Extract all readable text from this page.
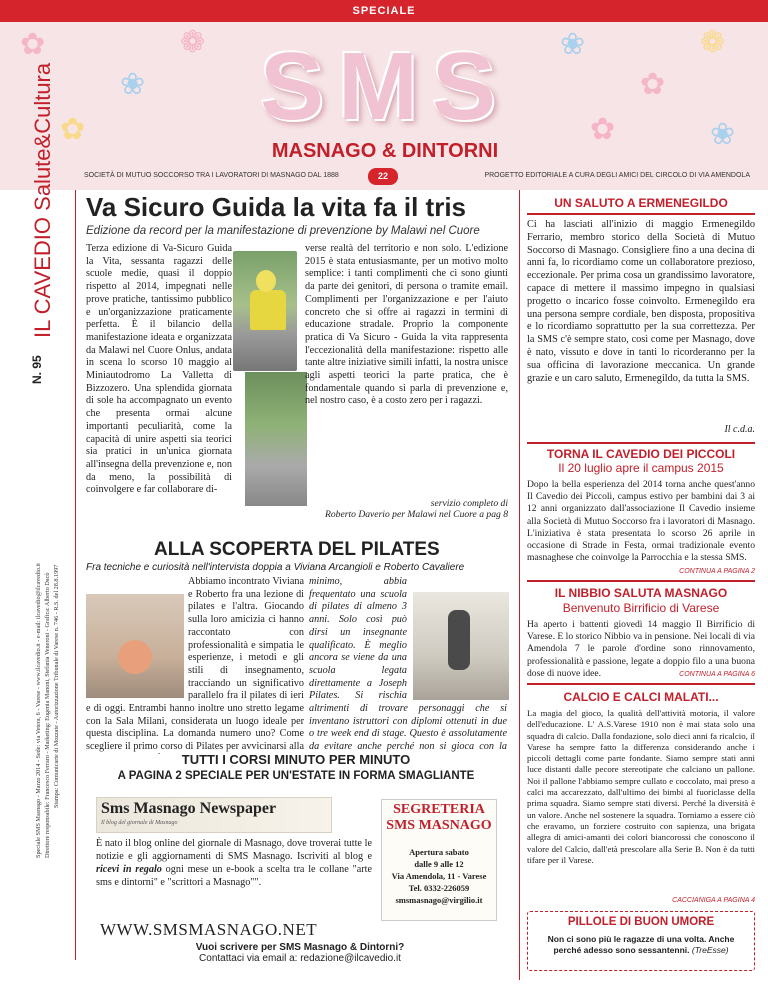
SPECIALE
✿
❀
✿
❁	❀
✿
❁
✿	❀
SMS
MASNAGO & DINTORNI
SOCIETÀ DI MUTUO SOCCORSO TRA I LAVORATORI DI MASNAGO DAL 1888	PROGETTO EDITORIALE A CURA DEGLI AMICI DEL CIRCOLO DI VIA AMENDOLA
22
IL CAVEDIO Salute&Cultura
N. 95
Speciale SMS Masnago - Marzo 2014 - Sede: via Vetera, 6 - Varese - www.ilcavedio.it - e-mail: ilcavedio@ilcavedio.it Direttore responsabile: Francesco Ferraro - Marketing: Eugenia Manoni, Stefania Veneroni - Grafica: Alberto Dacò Stampa: Comunicarte di Mozzate - Autorizzazione Tribunale di Varese n. 746 - R.S. del 28.8.1997
Va Sicuro Guida la vita fa il tris
Edizione da record per la manifestazione di prevenzione by Malawi nel Cuore
Terza edizione di Va-Sicuro Guida la Vita, sessanta ragazzi delle scuole medie, quasi il doppio rispetto al 2014, impegnati nelle prove pratiche, tantissimo pubblico e un'organizzazione praticamente perfetta. È il bilancio della manifestazione ideata e organizzata da Malawi nel Cuore Onlus, andata in scena lo scorso 10 maggio al Miniautodromo La Valletta di Bizzozero. Una splendida giornata di sole ha accompagnato un evento che presenta ormai alcune importanti peculiarità, come la capacità di unire aspetti sia teorici sia pratici in un'unica giornata all'insegna della prevenzione e, non da meno, la possibilità di coinvolgere e far collaborare di-
verse realtà del territorio e non solo. L'edizione 2015 è stata entusiasmante, per un motivo molto semplice: i tanti complimenti che ci sono giunti da parte dei genitori, di persona o tramite email. Complimenti per l'organizzazione e per l'aiuto concreto che si offre ai ragazzi in termini di educazione stradale. Proprio la componente pratica di Va Sicuro - Guida la vita rappresenta l'eccezionalità della manifestazione: rispetto alle tante altre iniziative simili infatti, la nostra unisce agli aspetti teorici la parte pratica, che è fondamentale quando si parla di prevenzione e, nel nostro caso, è a costo zero per i ragazzi.
servizio completo di
Roberto Daverio per Malawi nel Cuore a pag 8
ALLA SCOPERTA DEL PILATES
Fra tecniche e curiosità nell'intervista doppia a Viviana Arcangioli e Roberto Cavaliere
Abbiamo incontrato Viviana e Roberto fra una lezione di pilates e l'altra. Giocando sulla loro amicizia ci hanno raccontato con professionalità e simpatia le esperienze, i metodi e gli stili di insegnamento, tracciando un significativo parallelo fra il pilates di ieri e di oggi. Entrambi hanno inoltre uno stretto legame con la Sala Milani, considerata un luogo ideale per questa disciplina. La domanda numero uno? Come scegliere il primo corso di Pilates per avvicinarsi alla
minimo, abbia frequentato una scuola di pilates di almeno 3 anni. Solo così può dirsi un insegnante qualificato. È meglio ancora se viene da una scuola legata direttamente a Joseph Pilates. Si rischia altrimenti di trovare personaggi che si inventano istruttori con diplomi ottenuti in due o tre week end di stage. Questo è assolutamente da evitare anche perché non si gioca con la
TUTTI I CORSI MINUTO PER MINUTO
A PAGINA 2 SPECIALE PER UN'ESTATE IN FORMA SMAGLIANTE
Sms Masnago Newspaper
Il blog del giornale di Masnago
È nato il blog online del giornale di Masnago, dove troverai tutte le notizie e gli aggiornamenti di SMS Masnago. Iscriviti al blog e ricevi in regalo ogni mese un e-book a scelta tra le collane "arte sms e dintorni" e "scrittori a Masnago"".
WWW.SMSMASNAGO.NET
SEGRETERIA
SMS MASNAGO
Apertura sabato
dalle 9 alle 12
Via Amendola, 11 - Varese
Tel. 0332-226059
smsmasnago@virgilio.it
Vuoi scrivere per SMS Masnago & Dintorni?
Contattaci via email a: redazione@ilcavedio.it
UN SALUTO A ERMENEGILDO
Ci ha lasciati all'inizio di maggio Ermenegildo Ferrario, membro storico della Società di Mutuo Soccorso di Masnago. Consigliere fino a una decina di anni fa, lo ricordiamo come un collaboratore prezioso, eccezionale. Per prima cosa un grandissimo lavoratore, capace di mettere il massimo impegno in qualsiasi progetto o incarico fosse coinvolto. Ermenegildo era una persona sempre cordiale, ben disposta, propositiva e lo ricordiamo soprattutto per la sua correttezza. Per la SMS c'è sempre stato, così come per Masnago, dove è nato, vissuto e dove in tanti lo ricorderanno per la sua officina di lavorazione meccanica. Un grande grazie e un caro saluto, Ermenegildo, da tutta la SMS.
Il c.d.a.
TORNA IL CAVEDIO DEI PICCOLI
Il 20 luglio apre il campus 2015
Dopo la bella esperienza del 2014 torna anche quest'anno Il Cavedio dei Piccoli, campus estivo per bambini dai 3 ai 12 anni organizzato dall'associazione Il Cavedio insieme alla Società di Mutuo Soccorso fra i lavoratori di Masnago. L'iniziativa è stata presentata lo scorso 26 aprile in occasione di Strade in Festa, ormai tradizionale evento masnaghese che coinvolge la Parrocchia e la stessa SMS.
CONTINUA A PAGINA 2
IL NIBBIO SALUTA MASNAGO
Benvenuto Birrificio di Varese
Ha aperto i battenti giovedì 14 maggio Il Birrificio di Varese. E lo storico Nibbio va in pensione. Nei locali di via Amendola 7 le parole d'ordine sono rinnovamento, professionalità e passione, legate a doppio filo a una buona dose di nuove idee.	CONTINUA A PAGINA 6
CALCIO E CALCI MALATI...
La magia del gioco, la qualità dell'attività motoria, il valore dell'educazione. L' A.S.Varese 1910 non è mai stata solo una squadra di calcio. Dalla fondazione, solo dieci anni fa ricalcio, il Varese ha sempre fatto la differenza considerando anche i piccoli dettagli come parte fondante. Siamo sempre stati anni luce distanti dalle pecore stereotipate che calciano un pallone. Noi il pallone l'abbiamo sempre cullato e coccolato, mai preso a calci ma accarezzato, dall'ultimo dei bimbi al fuoriclasse della prima squadra. Siamo sempre stati diversi. Perché la diversità è un valore. Anche nel sostenere la squadra. Torniamo a essere ciò che eravamo, un forziere costruito con sapienza, una brigata allegra di amici-amanti dei colori biancorossi che conoscono il valore del Calcio, dall'età prescolare alla Serie B. Non è da tutti tifare per il Varese.
CACCIANIGA A PAGINA 4
PILLOLE DI BUON UMORE
Non ci sono più le ragazze di una volta. Anche perché adesso sono sessantenni. (TreEsse)
